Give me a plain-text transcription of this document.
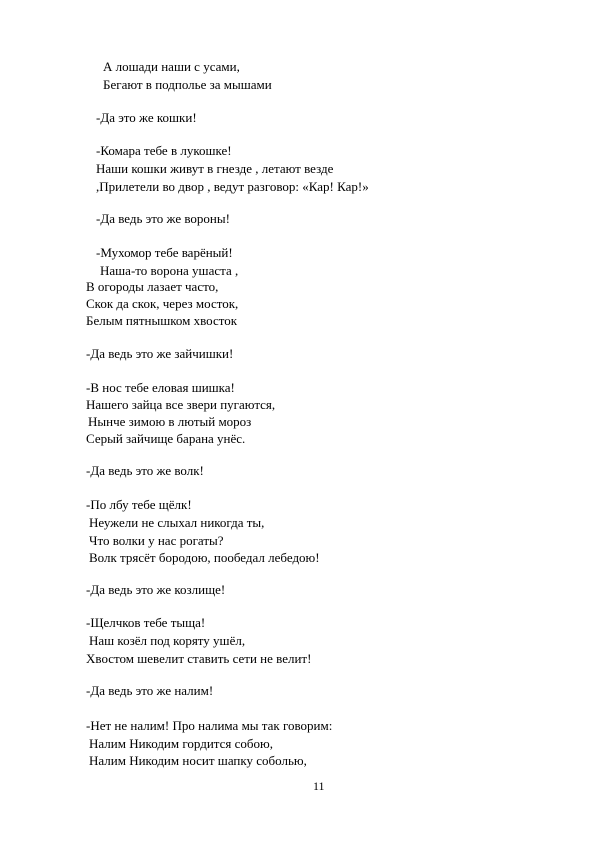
А лошади наши с усами,
Бегают в подполье за мышами
-Да это же кошки!
-Комара тебе в лукошке!
Наши кошки живут в гнезде , летают везде
,Прилетели во двор , ведут разговор: «Кар! Кар!»
-Да ведь это же вороны!
-Мухомор тебе варёный!
Наша-то ворона ушаста ,
В огороды лазает часто,
Скок да скок, через мосток,
Белым пятнышком хвосток
-Да ведь это же зайчишки!
-В нос тебе еловая шишка!
Нашего зайца все звери пугаются,
Нынче зимою в лютый мороз
Серый зайчище барана унёс.
-Да ведь это же волк!
-По лбу тебе щёлк!
Неужели не слыхал никогда ты,
Что волки у нас рогаты?
Волк трясёт бородою, пообедал лебедою!
-Да ведь это же козлище!
-Щелчков тебе тыща!
Наш козёл под коряту ушёл,
Хвостом шевелит ставить сети не велит!
-Да ведь это же налим!
-Нет не налим! Про налима мы так говорим:
Налим Никодим гордится собою,
Налим Никодим носит шапку соболью,
11
